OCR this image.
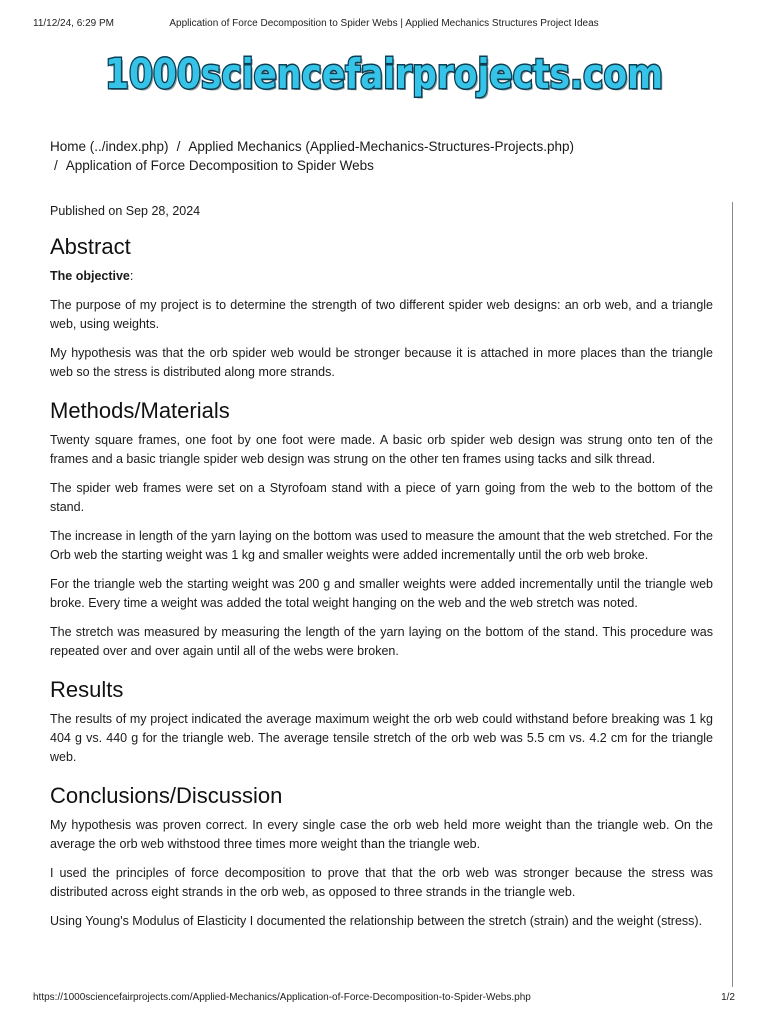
11/12/24, 6:29 PM	Application of Force Decomposition to Spider Webs | Applied Mechanics Structures Project Ideas
1000sciencefairprojects.com
1000sciencefairprojects.com
Home (../index.php) / Applied Mechanics (Applied-Mechanics-Structures-Projects.php)
/ Application of Force Decomposition to Spider Webs
Published on Sep 28, 2024
Abstract

The objective:

The purpose of my project is to determine the strength of two different spider web designs: an orb web, and a triangle web, using weights.

My hypothesis was that the orb spider web would be stronger because it is attached in more places than the triangle web so the stress is distributed along more strands.

Methods/Materials

Twenty square frames, one foot by one foot were made. A basic orb spider web design was strung onto ten of the frames and a basic triangle spider web design was strung on the other ten frames using tacks and silk thread.

The spider web frames were set on a Styrofoam stand with a piece of yarn going from the web to the bottom of the stand.

The increase in length of the yarn laying on the bottom was used to measure the amount that the web stretched. For the Orb web the starting weight was 1 kg and smaller weights were added incrementally until the orb web broke.

For the triangle web the starting weight was 200 g and smaller weights were added incrementally until the triangle web broke. Every time a weight was added the total weight hanging on the web and the web stretch was noted.

The stretch was measured by measuring the length of the yarn laying on the bottom of the stand. This procedure was repeated over and over again until all of the webs were broken.

Results

The results of my project indicated the average maximum weight the orb web could withstand before breaking was 1 kg 404 g vs. 440 g for the triangle web. The average tensile stretch of the orb web was 5.5 cm vs. 4.2 cm for the triangle web.

Conclusions/Discussion

My hypothesis was proven correct. In every single case the orb web held more weight than the triangle web. On the average the orb web withstood three times more weight than the triangle web.

I used the principles of force decomposition to prove that that the orb web was stronger because the stress was distributed across eight strands in the orb web, as opposed to three strands in the triangle web.

Using Young's Modulus of Elasticity I documented the relationship between the stretch (strain) and the weight (stress).

https://1000sciencefairprojects.com/Applied-Mechanics/Application-of-Force-Decomposition-to-Spider-Webs.php	1/2
